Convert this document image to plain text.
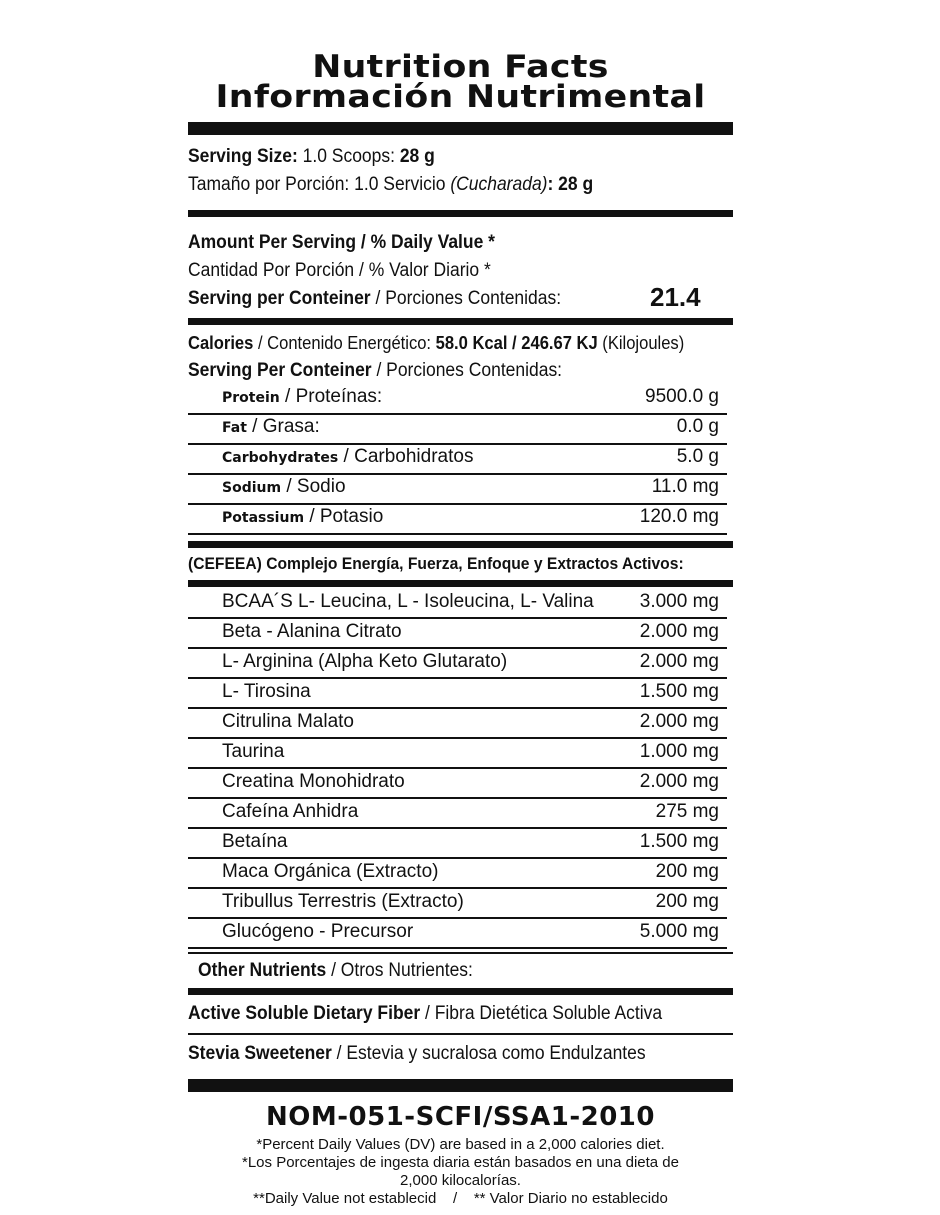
Nutrition Facts
Información Nutrimental
Serving Size: 1.0 Scoops: 28 g
Tamaño por Porción: 1.0 Servicio (Cucharada): 28 g
Amount Per Serving / % Daily Value *
Cantidad Por Porción / % Valor Diario *
Serving per Conteiner / Porciones Contenidas:	21.4
Calories / Contenido Energético: 58.0 Kcal / 246.67 KJ (Kilojoules)
Serving Per Conteiner / Porciones Contenidas:
Protein / Proteínas:	9500.0 g
Fat / Grasa:	0.0 g
Carbohydrates / Carbohidratos	5.0 g
Sodium / Sodio	11.0 mg
Potassium / Potasio	120.0 mg
(CEFEEA) Complejo Energía, Fuerza, Enfoque y Extractos Activos:
BCAA´S L- Leucina, L - Isoleucina, L- Valina 3.000 mg
Beta - Alanina Citrato	2.000 mg
L- Arginina (Alpha Keto Glutarato)	2.000 mg
L- Tirosina	1.500 mg
Citrulina Malato	2.000 mg
Taurina	1.000 mg
Creatina Monohidrato	2.000 mg
Cafeína Anhidra	275 mg
Betaína	1.500 mg
Maca Orgánica (Extracto)	200 mg
Tribullus Terrestris (Extracto)	200 mg
Glucógeno - Precursor	5.000 mg
Other Nutrients / Otros Nutrientes:
Active Soluble Dietary Fiber / Fibra Dietética Soluble Activa
Stevia Sweetener / Estevia y sucralosa como Endulzantes
NOM-051-SCFI/SSA1-2010
*Percent Daily Values (DV) are based in a 2,000 calories diet.
*Los Porcentajes de ingesta diaria están basados en una dieta de
2,000 kilocalorías.
**Daily Value not establecid    /    ** Valor Diario no establecido
